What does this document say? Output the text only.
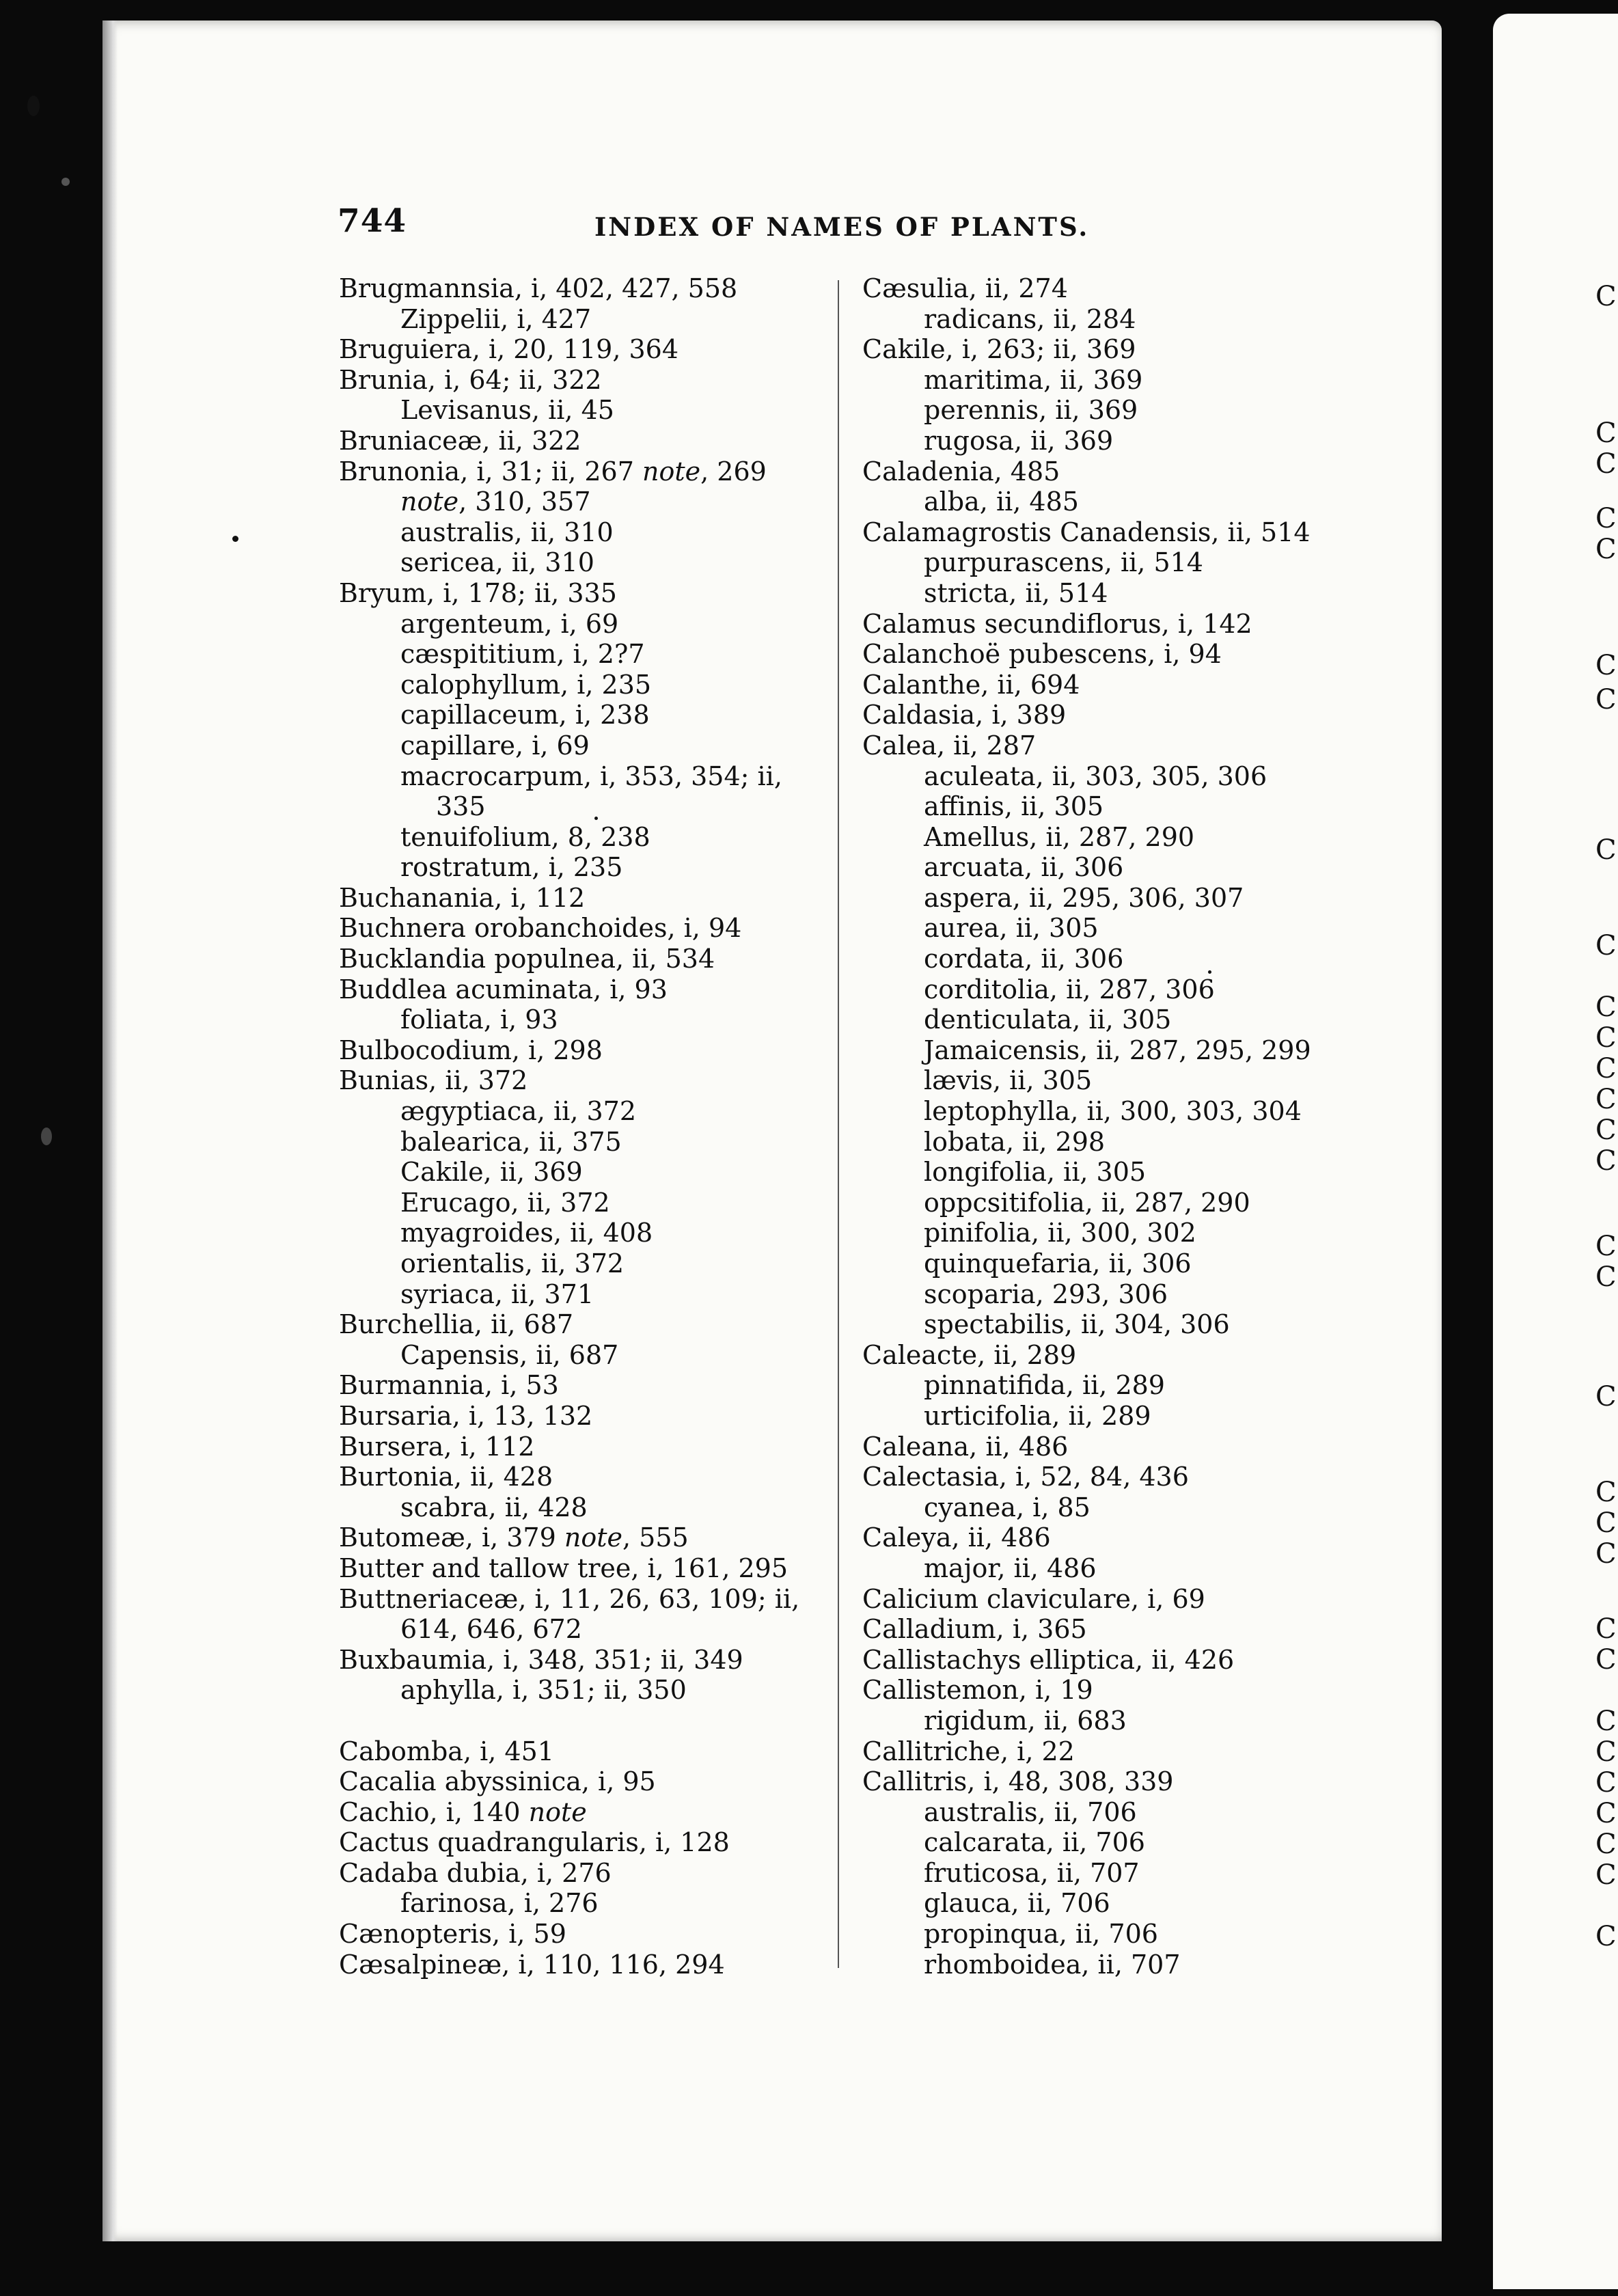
C
C
C
C
C
C
C
C
C
C
C
C
C
C
C
C
C
C
C
C
C
C
C
C
C
C
C
C
C
C
744	INDEX OF NAMES OF PLANTS.
Brugmannsia, i, 402, 427, 558
Zippelii, i, 427
Bruguiera, i, 20, 119, 364
Brunia, i, 64; ii, 322
Levisanus, ii, 45
Bruniaceæ, ii, 322
Brunonia, i, 31; ii, 267 note, 269
note, 310, 357
australis, ii, 310
sericea, ii, 310
Bryum, i, 178; ii, 335
argenteum, i, 69
cæspititium, i, 2?7
calophyllum, i, 235
capillaceum, i, 238
capillare, i, 69
macrocarpum, i, 353, 354; ii,
335
tenuifolium, 8, 238
rostratum, i, 235
Buchanania, i, 112
Buchnera orobanchoides, i, 94
Bucklandia populnea, ii, 534
Buddlea acuminata, i, 93
foliata, i, 93
Bulbocodium, i, 298
Bunias, ii, 372
ægyptiaca, ii, 372
balearica, ii, 375
Cakile, ii, 369
Erucago, ii, 372
myagroides, ii, 408
orientalis, ii, 372
syriaca, ii, 371
Burchellia, ii, 687
Capensis, ii, 687
Burmannia, i, 53
Bursaria, i, 13, 132
Bursera, i, 112
Burtonia, ii, 428
scabra, ii, 428
Butomeæ, i, 379 note, 555
Butter and tallow tree, i, 161, 295
Buttneriaceæ, i, 11, 26, 63, 109; ii,
614, 646, 672
Buxbaumia, i, 348, 351; ii, 349
aphylla, i, 351; ii, 350
Cabomba, i, 451
Cacalia abyssinica, i, 95
Cachio, i, 140 note
Cactus quadrangularis, i, 128
Cadaba dubia, i, 276
farinosa, i, 276
Cænopteris, i, 59
Cæsalpineæ, i, 110, 116, 294
Cæsulia, ii, 274
radicans, ii, 284
Cakile, i, 263; ii, 369
maritima, ii, 369
perennis, ii, 369
rugosa, ii, 369
Caladenia, 485
alba, ii, 485
Calamagrostis Canadensis, ii, 514
purpurascens, ii, 514
stricta, ii, 514
Calamus secundiflorus, i, 142
Calanchoë pubescens, i, 94
Calanthe, ii, 694
Caldasia, i, 389
Calea, ii, 287
aculeata, ii, 303, 305, 306
affinis, ii, 305
Amellus, ii, 287, 290
arcuata, ii, 306
aspera, ii, 295, 306, 307
aurea, ii, 305
cordata, ii, 306
corditolia, ii, 287, 306
denticulata, ii, 305
Jamaicensis, ii, 287, 295, 299
lævis, ii, 305
leptophylla, ii, 300, 303, 304
lobata, ii, 298
longifolia, ii, 305
oppcsitifolia, ii, 287, 290
pinifolia, ii, 300, 302
quinquefaria, ii, 306
scoparia, 293, 306
spectabilis, ii, 304, 306
Caleacte, ii, 289
pinnatifida, ii, 289
urticifolia, ii, 289
Caleana, ii, 486
Calectasia, i, 52, 84, 436
cyanea, i, 85
Caleya, ii, 486
major, ii, 486
Calicium claviculare, i, 69
Calladium, i, 365
Callistachys elliptica, ii, 426
Callistemon, i, 19
rigidum, ii, 683
Callitriche, i, 22
Callitris, i, 48, 308, 339
australis, ii, 706
calcarata, ii, 706
fruticosa, ii, 707
glauca, ii, 706
propinqua, ii, 706
rhomboidea, ii, 707
